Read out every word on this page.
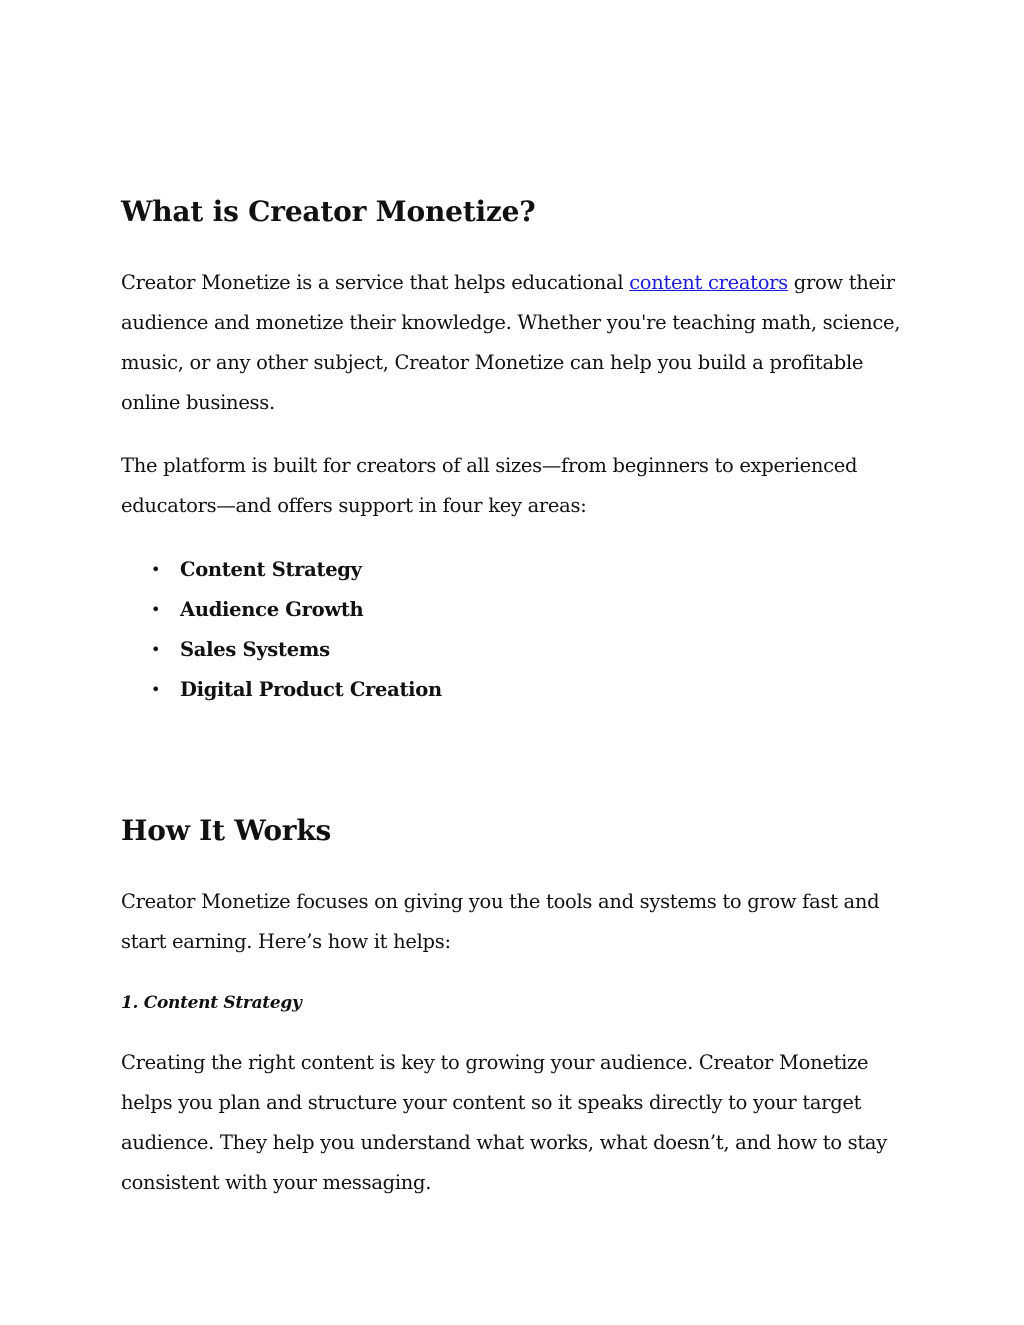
What is Creator Monetize?

Creator Monetize is a service that helps educational content creators grow their audience and monetize their knowledge. Whether you're teaching math, science, music, or any other subject, Creator Monetize can help you build a profitable online business.

The platform is built for creators of all sizes—from beginners to experienced educators—and offers support in four key areas:

• Content Strategy
• Audience Growth
• Sales Systems
• Digital Product Creation
How It Works

Creator Monetize focuses on giving you the tools and systems to grow fast and start earning. Here’s how it helps:

1. Content Strategy

Creating the right content is key to growing your audience. Creator Monetize helps you plan and structure your content so it speaks directly to your target audience. They help you understand what works, what doesn’t, and how to stay consistent with your messaging.
